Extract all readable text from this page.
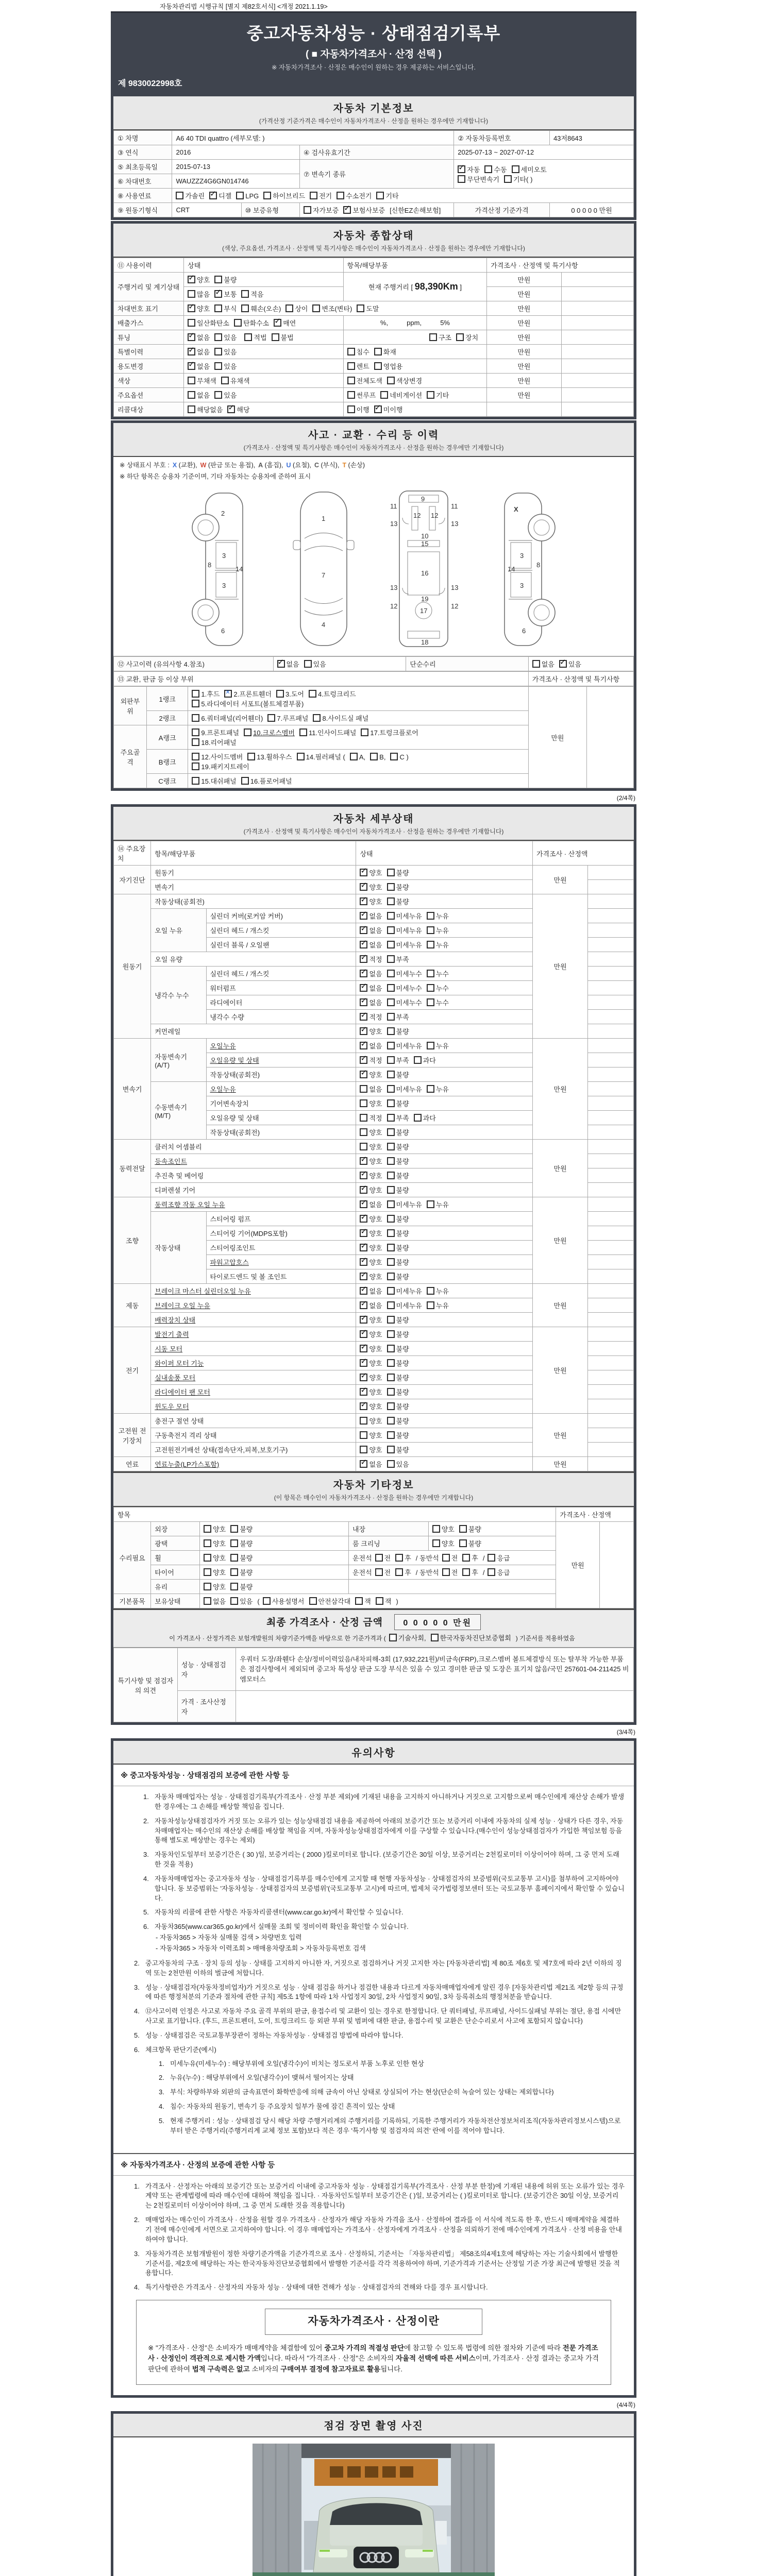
자동차관리법 시행규칙 [별지 제82호서식] <개정 2021.1.19>
중고자동차성능 · 상태점검기록부
( ■ 자동차가격조사 · 산정 선택 )
※ 자동차가격조사 · 산정은 매수인이 원하는 경우 제공하는 서비스입니다.
제 9830022998호
자동차 기본정보
(가격산정 기준가격은 매수인이 자동차가격조사 · 산정을 원하는 경우에만 기재합니다)
① 차명	A6 40 TDI quattro (세부모델: )			② 자동차등록번호	43저8643
③ 연식	2016		④ 검사유효기간	2025-07-13 ~ 2027-07-12	
⑤ 최초등록일	2015-07-13		⑦ 변속기 종류	
✓자동 수동 세미오토
무단변속기 기타( )

⑥ 차대번호	WAUZZZ4G6GN014746				
⑧ 사용연료	가솔린 ✓ 디젤 LPG 하이브리드 전기 수소전기 기타
⑨ 원동기형식	CRT	⑩ 보증유형	자가보증 ✓ 보험사보증 [신한EZ손해보험]	가격산정 기준가격	0 0 0 0 0 만원
자동차 종합상태
(색상, 주요옵션, 가격조사 · 산정액 및 특기사항은 매수인이 자동차가격조사 · 산정을 원하는 경우에만 기재합니다)
⑪ 사용이력	상태	항목/해당부품	가격조사 · 산정액 및 특기사항	
주행거리 및 계기상태	✓양호 불량	현재 주행거리 [ 98,390Km ]	만원	
	많음 ✓ 보통 적음		만원	
차대번호 표기	✓양호 부식 훼손(오손) 상이 변조(변타) 도말		만원	
배출가스	일산화탄소 탄화수소 ✓ 매연	%,          ppm,          5%	만원	
튜닝	✓없음 있음 적법 불법	구조 장치	만원	
특별이력	✓없음 있음	침수 화재	만원	
용도변경	✓없음 있음	렌트 영업용	만원	
색상	무채색 유채색	전체도색 색상변경	만원	
주요옵션	없음 있음	썬루프 네비게이션 기타	만원	
리콜대상	해당없음 ✓ 해당	이행 ✓ 미이행		
사고 · 교환 · 수리 등 이력
(가격조사 · 산정액 및 특기사항은 매수인이 자동차가격조사 · 산정을 원하는 경우에만 기재합니다)
※ 상태표시 부호 : X (교환), W (판금 또는 용접), A (흠집), U (요철), C (부식), T (손상)
※ 하단 항목은 승용차 기준이며, 기타 자동차는 승용차에 준하여 표시
2
8
3
3
14
6
1
7
4
9
11	11
13	13
12 12
10
15
16
19
13	13
17
12	12
18
X
3
8
3
14
6
⑫ 사고이력 (유의사항 4.참조)	✓없음 있음	단순수리	없음 ✓ 있음
⑬ 교환, 판금 등 이상 부위	가격조사 · 산정액 및 특기사항
외판부위	1랭크	1.후드 ✕ 2.프론트휀더 3.도어 4.트렁크리드
5.라디에이터 서포트(볼트체결부품)	만원	
	2랭크	6.쿼터패널(리어휀더) 7.루프패널 8.사이드실 패널		
주요골격	A랭크	9.프론트패널 10.크로스멤버 11.인사이드패널 17.트렁크플로어
18.리어패널		

	B랭크	12.사이드멤버 13.휠하우스 14.필러패널 ( A, B, C )
19.패키지트레이		

	C랭크	15.대쉬패널 16.플로어패널		
(2/4쪽)
자동차 세부상태
(가격조사 · 산정액 및 특기사항은 매수인이 자동차가격조사 · 산정을 원하는 경우에만 기재합니다)
⑭ 주요장치	항목/해당부품		상태	가격조사 · 산정액	
자기진단	원동기	✓양호 불량	만원	
	변속기	✓양호 불량	
원동기	작동상태(공회전)	✓양호 불량	만원	
	오일 누유	실린더 커버(로커암 커버)	✓없음 미세누유 누유	
		실린더 헤드 / 개스킷	✓없음 미세누유 누유	
		실린더 블록 / 오일팬	✓없음 미세누유 누유	
	오일 유량	✓적정 부족	
	냉각수 누수	실린더 헤드 / 개스킷	✓없음 미세누수 누수	
		워터펌프	✓없음 미세누수 누수	
		라디에이터	✓없음 미세누수 누수	
		냉각수 수량	✓적정 부족	
	커먼레일	✓양호 불량	
변속기	자동변속기 (A/T)	오일누유	✓없음 미세누유 누유	만원	
		오일유량 및 상태	✓적정 부족 과다	
		작동상태(공회전)	✓양호 불량	
	수동변속기 (M/T)	오일누유	없음 미세누유 누유		
		기어변속장치	양호 불량		
		오일유량 및 상태	적정 부족 과다		
		작동상태(공회전)	양호 불량		
동력전달	클러치 어셈블리		양호 불량	만원	
	등속조인트	✓양호 불량	
	추진축 및 베어링	✓양호 불량	
	디퍼렌셜 기어	✓양호 불량	
조향	동력조향 작동 오일 누유	✓없음 미세누유 누유	만원	
	작동상태	스티어링 펌프	✓양호 불량	
		스티어링 기어(MDPS포함)	✓양호 불량	
		스티어링조인트	✓양호 불량	
		파워고압호스	✓양호 불량	
		타이로드엔드 및 볼 조인트	✓양호 불량	
제동	브레이크 마스터 실린더오일 누유	✓없음 미세누유 누유	만원	
	브레이크 오일 누유	✓없음 미세누유 누유	
	배력장치 상태	✓양호 불량	
전기	발전기 출력	✓양호 불량	만원	
	시동 모터	✓양호 불량	
	와이퍼 모터 기능	✓양호 불량	
	실내송풍 모터	✓양호 불량	
	라디에이터 팬 모터	✓양호 불량	
	윈도우 모터	✓양호 불량	
고전원 전기장치	충전구 절연 상태		양호 불량	만원	
	구동축전지 격리 상태		양호 불량		
	고전원전기배선 상태(접속단자,피복,보호기구)		양호 불량		
연료	연료누출(LP가스포함)	✓없음 있음	만원	
자동차 기타정보
(이 항목은 매수인이 자동차가격조사 · 산정을 원하는 경우에만 기재합니다)
항목					가격조사 · 산정액	
수리필요	외장	양호 불량	내장	양호 불량	만원	
	광택	양호 불량	룸 크리닝	양호 불량		
	휠	양호 불량	운전석 전 후 / 동반석 전 후 / 응급			
	타이어	양호 불량	운전석 전 후 / 동반석 전 후 / 응급			
	유리	양호 불량				
기본품목	보유상태	없음 있음 ( 사용설명서 안전삼각대 잭 잭 )				
최종 가격조사 · 산정 금액 0 0 0 0 0 만원
이 가격조사 · 산정가격은 보험개발원의 차량기준가액을 바탕으로 한 기준가격과 ( 기술사회, 한국자동차진단보증협회 ) 기준서를 적용하였음
특기사항 및 점검자의 의견	성능 · 상태점검자	우쿼터 도장/좌휀다 손상/정비이력있음/내차피해-3회 (17,932,221원)/비금속(FRP),크로스멤버 볼트체결방식 또는 탈부착 가능한 부품은 점검사항에서 제외되며 중고차 특성상 판금 도장 부식은 있을 수 있고 경미한 판금 및 도장은 표기치 않음/국민 257601-04-211425 비엠모터스
	가격 · 조사산정자	
(3/4쪽)
유의사항
※ 중고자동차성능 · 상태점검의 보증에 관한 사항 등
1. 자동차 매매업자는 성능 · 상태점검기록부(가격조사 · 산정 부분 제외)에 기재된 내용을 고지하지 아니하거나 거짓으로 고지함으로써 매수인에게 재산상 손해가 발생한 경우에는 그 손해를 배상할 책임을 집니다.
2. 자동차성능상태점검자가 거짓 또는 오류가 있는 성능상태점검 내용을 제공하여 아래의 보증기간 또는 보증거리 이내에 자동차의 실제 성능 · 상태가 다른 경우, 자동차매매업자는 매수인의 재산상 손해를 배상할 책임을 지며, 자동차성능상태점검자에게 이를 구상할 수 있습니다.(매수인이 성능상태점검자가 가입한 책임보험 등을 통해 별도로 배상받는 경우는 제외)
3. 자동차인도일부터 보증기간은 ( 30 )일, 보증거리는 ( 2000 )킬로미터로 합니다. (보증기간은 30일 이상, 보증거리는 2천킬로미터 이상이어야 하며, 그 중 먼저 도래한 것을 적용)
4. 자동차매매업자는 중고자동차 성능 · 상태점검기록부를 매수인에게 고지할 때 현행 자동차성능 · 상태점검자의 보증범위(국토교통부 고시)를 첨부하여 고지하여야 합니다. 동 보증범위는 '자동차성능 · 상태점검자의 보증범위'(국토교통부 고시)에 따르며, 법제처 국가법령정보센터 또는 국토교통부 홈페이지에서 확인할 수 있습니다.
5. 자동차의 리콜에 관한 사항은 자동차리콜센터(www.car.go.kr)에서 확인할 수 있습니다.
6. 자동차365(www.car365.go.kr)에서 실매물 조회 및 정비이력 확인을 확인할 수 있습니다.
- 자동차365 > 자동차 실매물 검색 > 차량번호 입력
- 자동차365 > 자동차 이력조회 > 매매용차량조회 > 자동차등록번호 검색
2. 중고자동차의 구조 · 장치 등의 성능 · 상태를 고지하지 아니한 자, 거짓으로 점검하거나 거짓 고지한 자는 [자동차관리법] 제 80조 제6호 및 제7호에 따라 2년 이하의 징역 또는 2천만원 이하의 벌금에 처합니다.
3. 성능 · 상태점검자(자동차정비업자)가 거짓으로 성능 · 상태 점검을 하거나 점검한 내용과 다르게 자동차매매업자에게 알린 경우 [자동차관리법 제21조 제2항 등의 규정에 따른 행정처분의 기준과 절차에 관한 규칙] 제5조 1항에 따라 1차 사업정지 30일, 2차 사업정지 90일, 3차 등록취소의 행정처분을 받습니다.
4. ⑫사고이력 인정은 사고로 자동차 주요 골격 부위의 판금, 용접수리 및 교환이 있는 경우로 한정합니다. 단 쿼터패널, 루프패널, 사이드실패널 부위는 절단, 용접 시에만 사고로 표기합니다. (후드, 프론트펜더, 도어, 트렁크리드 등 외판 부위 및 범퍼에 대한 판금, 용접수리 및 교환은 단순수리로서 사고에 포함되지 않습니다)
5. 성능 · 상태점검은 국토교통부장관이 정하는 자동차성능 · 상태점검 방법에 따라야 합니다.
6. 체크항목 판단기준(예시)
1. 미세누유(미세누수) : 해당부위에 오일(냉각수)이 비치는 정도로서 부품 노후로 인한 현상
2. 누유(누수) : 해당부위에서 오일(냉각수)이 맺혀서 떨어지는 상태
3. 부식: 차량하부와 외판의 금속표면이 화학반응에 의해 금속이 아닌 상태로 상실되어 가는 현상(단순히 녹슬어 있는 상태는 제외합니다)
4. 침수: 자동차의 원동기, 변속기 등 주요장치 일부가 물에 잠긴 흔적이 있는 상태
5. 현재 주행거리 : 성능 · 상태점검 당시 해당 차량 주행거리계의 주행거리를 기록하되, 기록한 주행거리가 자동차전산정보처리조직(자동차관리정보시스템)으로부터 받은 주행거리(주행거리계 교체 정보 포함)보다 적은 경우 '특기사항 및 점검자의 의견' 란에 이를 적어야 합니다.
※ 자동차가격조사 · 산정의 보증에 관한 사항 등
1. 가격조사 · 산정자는 아래의 보증기간 또는 보증거리 이내에 중고자동차 성능 · 상태점검기록부(가격조사 · 산정 부분 한정)에 기재된 내용에 허위 또는 오류가 있는 경우 계약 또는 관계법령에 따라 매수인에 대하여 책임을 집니다. · 자동차인도일부터 보증기간은 ( )일, 보증거리는 ( )킬로미터로 합니다. (보증기간은 30일 이상, 보증거리는 2천킬로미터 이상이어야 하며, 그 중 먼저 도래한 것을 적용합니다)
2. 매매업자는 매수인이 가격조사 · 산정을 원할 경우 가격조사 · 산정자가 해당 자동차 가격을 조사 · 산정하여 결과를 이 서식에 적도록 한 후, 반드시 매매계약을 체결하기 전에 매수인에게 서면으로 고지하여야 합니다. 이 경우 매매업자는 가격조사 · 산정자에게 가격조사 · 산정을 의뢰하기 전에 매수인에게 가격조사 · 산정 비용을 안내하여야 합니다.
3. 자동차가격은 보험개발원이 정한 차량기준가액을 기준가격으로 조사 · 산정하되, 기준서는 「자동차관리법」 제58조의4제1호에 해당하는 자는 기술사회에서 발행한 기준서를, 제2호에 해당하는 자는 한국자동차진단보증협회에서 발행한 기준서를 각각 적용하여야 하며, 기준가격과 기준서는 산정일 기준 가장 최근에 발행된 것을 적용합니다.
4. 특기사항란은 가격조사 · 산정자의 자동차 성능 · 상태에 대한 견해가 성능 · 상태점검자의 견해와 다를 경우 표시합니다.
자동차가격조사 · 산정이란
※ "가격조사 · 산정"은 소비자가 매매계약을 체결함에 있어 중고차 가격의 적절성 판단에 참고할 수 있도록 법령에 의한 절차와 기준에 따라 전문 가격조사 · 산정인이 객관적으로 제시한 가액입니다. 따라서 "가격조사 · 산정"은 소비자의 자율적 선택에 따른 서비스이며, 가격조사 · 산정 결과는 중고차 가격판단에 관하여 법적 구속력은 없고 소비자의 구매여부 결정에 참고자료로 활용됩니다.
(4/4쪽)
점검 장면 촬영 사진
